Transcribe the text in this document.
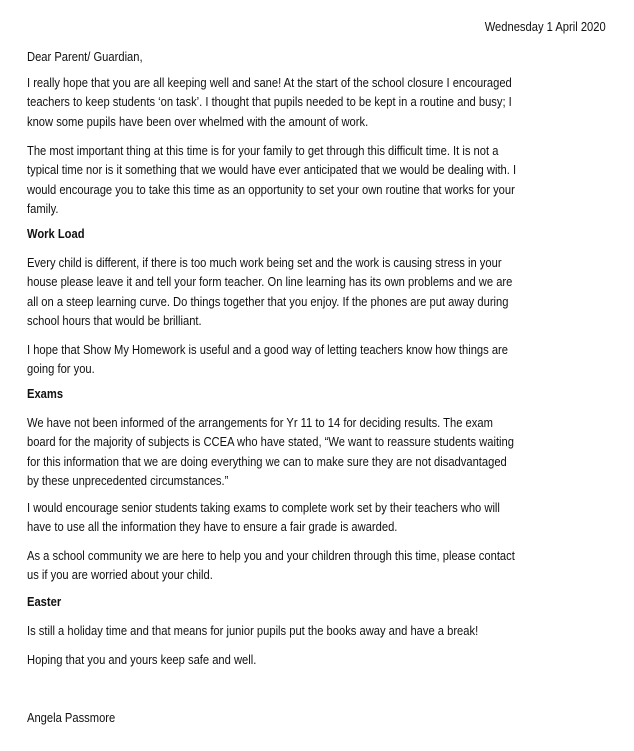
Wednesday 1 April 2020
Dear Parent/ Guardian,
I really hope that you are all keeping well and sane! At the start of the school closure I encouraged
teachers to keep students ‘on task’. I thought that pupils needed to be kept in a routine and busy; I
know some pupils have been over whelmed with the amount of work.
The most important thing at this time is for your family to get through this difficult time. It is not a
typical time nor is it something that we would have ever anticipated that we would be dealing with. I
would encourage you to take this time as an opportunity to set your own routine that works for your
family.
Work Load
Every child is different, if there is too much work being set and the work is causing stress in your
house please leave it and tell your form teacher. On line learning has its own problems and we are
all on a steep learning curve. Do things together that you enjoy. If the phones are put away during
school hours that would be brilliant.
I hope that Show My Homework is useful and a good way of letting teachers know how things are
going for you.
Exams
We have not been informed of the arrangements for Yr 11 to 14 for deciding results. The exam
board for the majority of subjects is CCEA who have stated, “We want to reassure students waiting
for this information that we are doing everything we can to make sure they are not disadvantaged
by these unprecedented circumstances.”
I would encourage senior students taking exams to complete work set by their teachers who will
have to use all the information they have to ensure a fair grade is awarded.
As a school community we are here to help you and your children through this time, please contact
us if you are worried about your child.
Easter
Is still a holiday time and that means for junior pupils put the books away and have a break!
Hoping that you and yours keep safe and well.
Angela Passmore
